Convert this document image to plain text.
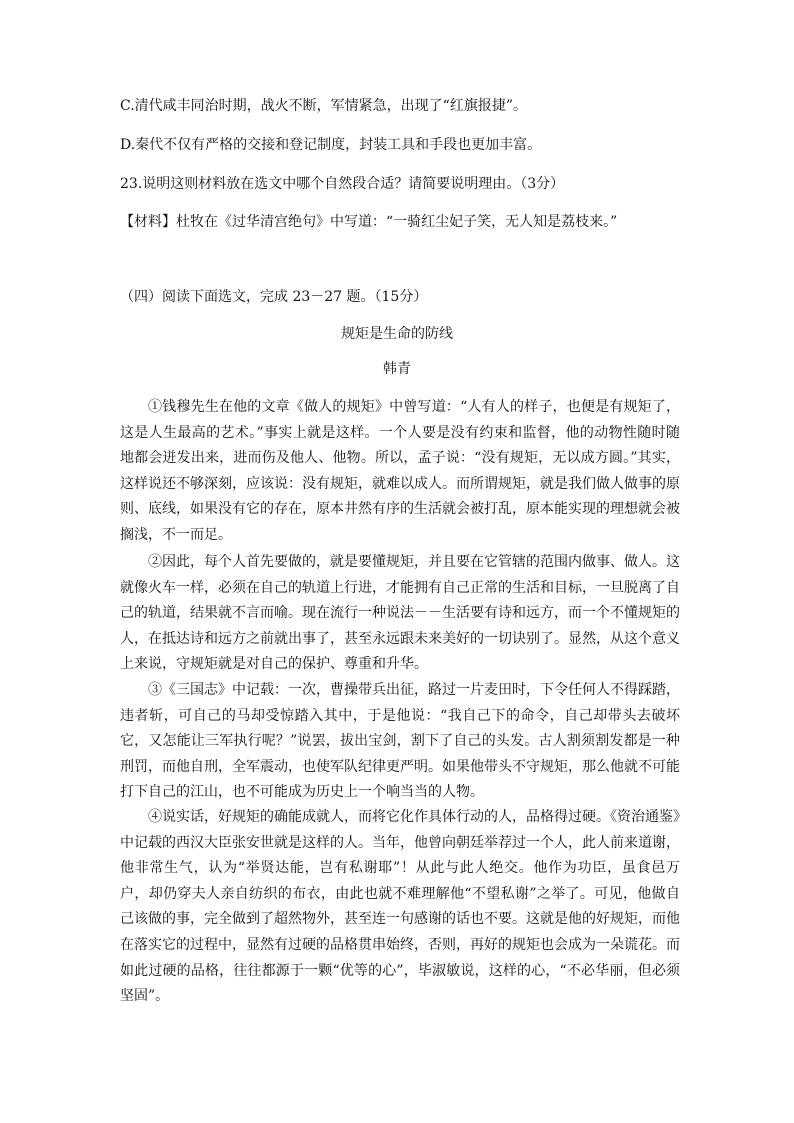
C.清代咸丰同治时期，战火不断，军情紧急，出现了“红旗报捷”。
D.秦代不仅有严格的交接和登记制度，封装工具和手段也更加丰富。
23.说明这则材料放在选文中哪个自然段合适？请简要说明理由。（3分）
【材料】杜牧在《过华清宫绝句》中写道：“一骑红尘妃子笑，无人知是荔枝来。”
（四）阅读下面选文，完成 23－27 题。（15分）
规矩是生命的防线
韩青

①钱穆先生在他的文章《做人的规矩》中曾写道：“人有人的样子，也便是有规矩了，这是人生最高的艺术。”事实上就是这样。一个人要是没有约束和监督，他的动物性随时随地都会迸发出来，进而伤及他人、他物。所以，孟子说：“没有规矩，无以成方圆。”其实，这样说还不够深刻，应该说：没有规矩，就难以成人。而所谓规矩，就是我们做人做事的原则、底线，如果没有它的存在，原本井然有序的生活就会被打乱，原本能实现的理想就会被搁浅，不一而足。

②因此，每个人首先要做的，就是要懂规矩，并且要在它管辖的范围内做事、做人。这就像火车一样，必须在自己的轨道上行进，才能拥有自己正常的生活和目标，一旦脱离了自己的轨道，结果就不言而喻。现在流行一种说法－－生活要有诗和远方，而一个不懂规矩的人，在抵达诗和远方之前就出事了，甚至永远跟未来美好的一切诀别了。显然，从这个意义上来说，守规矩就是对自己的保护、尊重和升华。

③《三国志》中记载：一次，曹操带兵出征，路过一片麦田时，下令任何人不得踩踏，违者斩，可自己的马却受惊踏入其中，于是他说：“我自己下的命令，自己却带头去破坏它，又怎能让三军执行呢？”说罢，拔出宝剑，割下了自己的头发。古人割须割发都是一种刑罚，而他自刑，全军震动，也使军队纪律更严明。如果他带头不守规矩，那么他就不可能打下自己的江山，也不可能成为历史上一个响当当的人物。

④说实话，好规矩的确能成就人，而将它化作具体行动的人，品格得过硬。《资治通鉴》中记载的西汉大臣张安世就是这样的人。当年，他曾向朝廷举荐过一个人，此人前来道谢，他非常生气，认为“举贤达能，岂有私谢耶”！从此与此人绝交。他作为功臣，虽食邑万户，却仍穿夫人亲自纺织的布衣，由此也就不难理解他“不望私谢”之举了。可见，他做自己该做的事，完全做到了超然物外，甚至连一句感谢的话也不要。这就是他的好规矩，而他在落实它的过程中，显然有过硬的品格贯串始终，否则，再好的规矩也会成为一朵谎花。而如此过硬的品格，往往都源于一颗“优等的心”，毕淑敏说，这样的心，“不必华丽，但必须坚固”。
